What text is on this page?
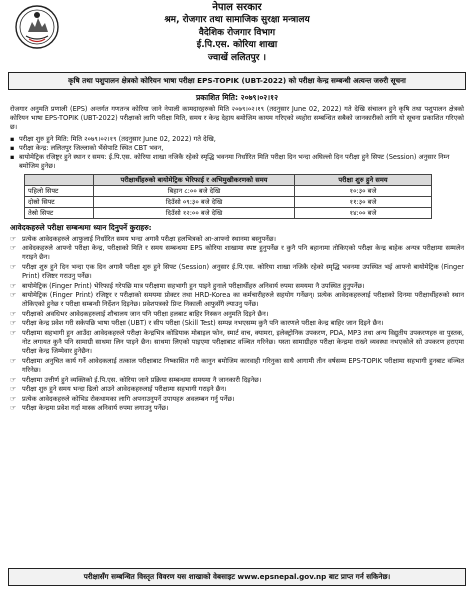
नेपाल सरकार
श्रम, रोजगार तथा सामाजिक सुरक्षा मन्त्रालय
वैदेशिक रोजगार विभाग
ई.पि.एस. कोरिया शाखा
ज्वाखें ललितपुर ।
कृषि तथा पशुपालन क्षेत्रको कोरियन भाषा परीक्षा EPS-TOPIK (UBT-2022) को परीक्षा केन्द्र सम्बन्धी अत्यन्त जरुरी सूचना
प्रकाशित मिति: २०७९।०२।१२
रोजगार अनुमति प्रणाली (EPS) अन्तर्गत गणतन्त्र कोरिया जाने नेपाली कामदारहरुको मिति २०७९।०२।१९ (तदनुसार June 02, 2022) गते देखि संचालन हुने कृषि तथा पशुपालन क्षेत्रको कोरियन भाषा EPS-TOPIK (UBT-2022) परीक्षाको लागि परीक्षा मिति, समय र केन्द्र देहाय बमोजिम कायम गरिएको व्यहोरा सम्बन्धित सबैको जानकारीको लागि यो सूचना प्रकाशित गरिएको छ।
▪ परीक्षा शुरु हुने मिति: मिति २०७९।०२।१९ (तदनुसार June 02, 2022) गते देखि,
▪ परीक्षा केन्द्र: ललितपुर जिल्लाको भैंसेपाटि स्थित CBT भवन,
▪ बायोमेट्रिक रजिष्ट्रर हुने स्थान र समय: ई.पि.एस. कोरिया शाखा नजिकै रहेको स्मृद्धि भवनमा निर्धारित मिति परीक्षा दिन भन्दा अघिल्लो दिन परीक्षा हुने सिफ्ट (Session) अनुसार निम्न बमोजिम हुनेछ।
	परीक्षार्थीहरुको बायोमेट्रिक भेरिफाई र अभिमुखीकरणको समय	परीक्षा शुरु हुने समय
पहिलो सिफ्ट	बिहान ८:०० बजे देखि	१०:३० बजे
दोस्रो सिफ्ट	दिउँसो ०९:३० बजे देखि	११:३० बजे
तेस्रो सिफ्ट	दिउँसो १२:०० बजे देखि	१४:०० बजे
आवेदकहरुले परीक्षा सम्बन्धमा ध्यान दिनुपर्ने कुराहरु:
☞ प्रत्येक आवेदकहरुले आफुलाई निर्धारित समय भन्दा अगावै परीक्षा हलभित्रको आ-आफ्नो स्थानमा बस्नुपर्नेछ।
☞ आवेदकहरुले आफ्नो परीक्षा केन्द्र, परीक्षाको मिति र समय सम्बन्धमा EPS कोरिया शाखामा स्पष्ट हुनुपर्नेछ र कुनै पनि बहानामा तोकिएको परीक्षा केन्द्र बाहेक अन्यत्र परीक्षामा सम्मलेन गराइने छैन।
☞ परीक्षा शुरु हुने दिन भन्दा एक दिन अगावै परीक्षा शुरु हुने सिफ्ट (Session) अनुसार ई.पि.एस. कोरिया शाखा नजिकै रहेको स्मृद्धि भवनमा उपस्थित भई आफ्नो बायोमेट्रिक (Finger Print) रजिष्टर गराउनु पर्नेछ।
☞ बायोमेट्रिक (Finger Print) भेरिफाई गरेपछि मात्र परीक्षामा सहभागी हुन पाइने हुनाले परीक्षार्थीहरु अनिवार्य रुपमा समयमा नै उपस्थित हुनुपर्नेछ।
☞ बायोमेट्रिक (Finger Print) रजिष्ट्रर र परीक्षाको समयमा प्रोक्टर तथा HRD-Korea का कर्मचारीहरुले सहयोग गर्नेछन्। प्रत्येक आवेदकहरुलाई परीक्षाको दिनमा परीक्षार्थीहरुको स्थान तोकिएको हुनेछ र परीक्षा सम्बन्धी निर्देशन दिइनेछ। प्रवेशपत्रको प्रिन्ट निकाली आफुसँगै ल्याउनु पर्नेछ।
☞ परीक्षाको अवधिभर आवेदकहरुलाई शौचालय जान पनि परीक्षा हलबाट बाहिर निस्कन अनुमति दिइने छैन।
☞ परीक्षा केन्द्र प्रवेश गरी सकेपछि भाषा परीक्षा (UBT) र सीप परीक्षा (Skill Test) सम्पन्न नभएसम्म कुनै पनि कारणले परीक्षा केन्द्र बाहिर जान दिइने छैन।
☞ परीक्षामा सहभागी हुन आउँदा आवेदकहरुले परीक्षा केन्द्रभित्र कोडियाक मोबाइल फोन, स्मार्ट वाच, क्यामरा, इलेक्ट्रोनिक उपकरण, PDA, MP3 तथा अन्य विद्युतीय उपकरणहरु वा पुस्तक, नोट लगायत कुनै पनि सामाग्री साथमा लिन पाइने छैन। साथमा लिएको पाइएमा परीक्षाबाट वञ्चित गरिनेछ। यस्ता सामाग्रीहरु परीक्षा केन्द्रमा राख्ने व्यवस्था नभएकोले सो उपकरण हराएमा परीक्षा केन्द्र जिम्मेवार हुनेछैन।
☞ परीक्षामा अनुचित कार्य गर्ने आवेदकलाई तत्काल परीक्षाबाट निष्कासित गरी कानुन बमोजिम कारवाही गरिनुका साथै आगामी तीन वर्षसम्म EPS-TOPIK परीक्षामा सहभागी हुनबाट वञ्चित गरिनेछ।
☞ परीक्षामा उत्तीर्ण हुने व्यक्तिको ई.पि.एस. कोरिया जाने प्रक्रिया सम्बन्धमा समयमा नै जानकारी दिइनेछ।
☞ परीक्षा शुरु हुने समय भन्दा ढिलो आउने आवेदकहरुलाई परीक्षामा सहभागी गराइने छैन।
☞ प्रत्येक आवेदकहरुले कोभिड रोकथामका लागि अपनाउनुपर्ने उपायहरु अवलम्बन गर्नु पर्नेछ।
☞ परीक्षा केन्द्रमा प्रवेश गर्दा मास्क अनिवार्य रुपमा लगाउनु पर्नेछ।
परीक्षासँग सम्बन्धित विस्तृत विवरण यस शाखाको वेबसाइट www.epsnepal.gov.np बाट प्राप्त गर्न सकिनेछ।
